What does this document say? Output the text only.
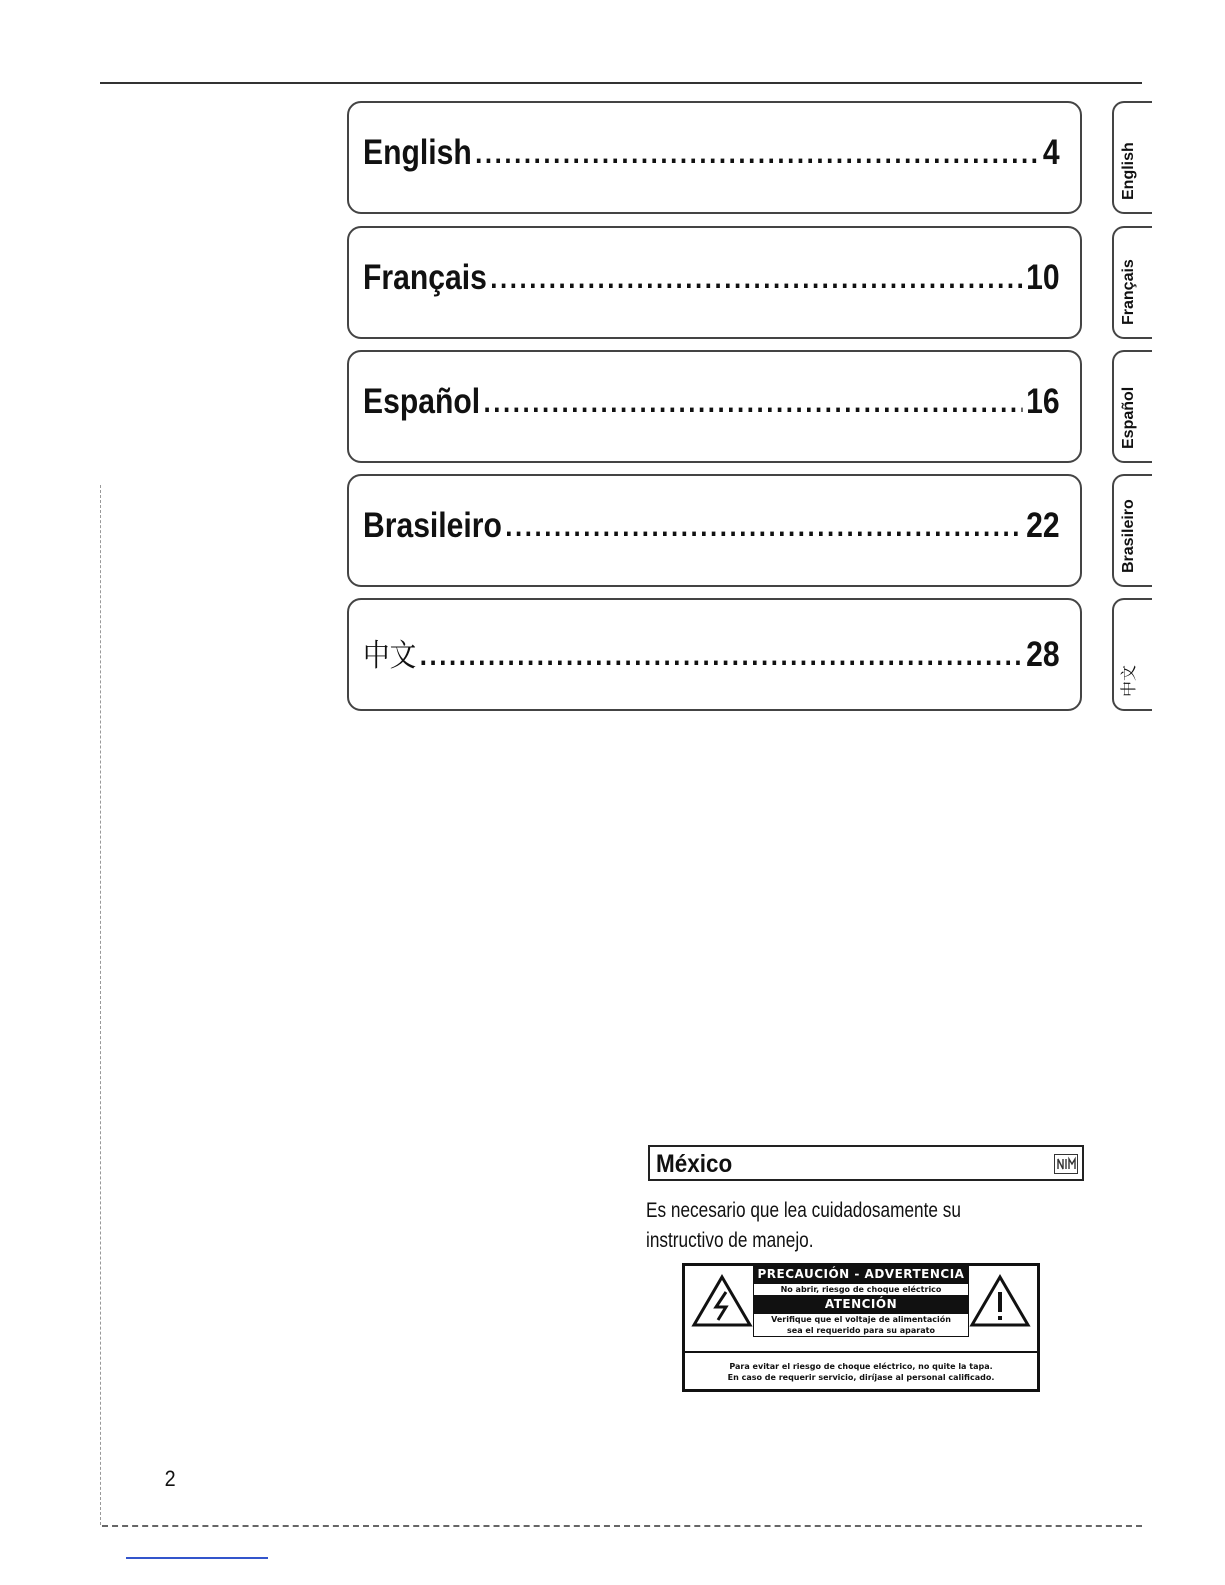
English .....	4
Français .....	10
Español .....	16
Brasileiro .....	22
中文 .....	28
English
Français
Español
Brasileiro
中文
México
Es necesario que lea cuidadosamente su instructivo de manejo.
PRECAUCIÓN - ADVERTENCIA
No abrir, riesgo de choque eléctrico
ATENCIÓN
Verifique que el voltaje de alimentación
sea el requerido para su aparato
Para evitar el riesgo de choque eléctrico, no quite la tapa.
En caso de requerir servicio, diríjase al personal calificado.
2
